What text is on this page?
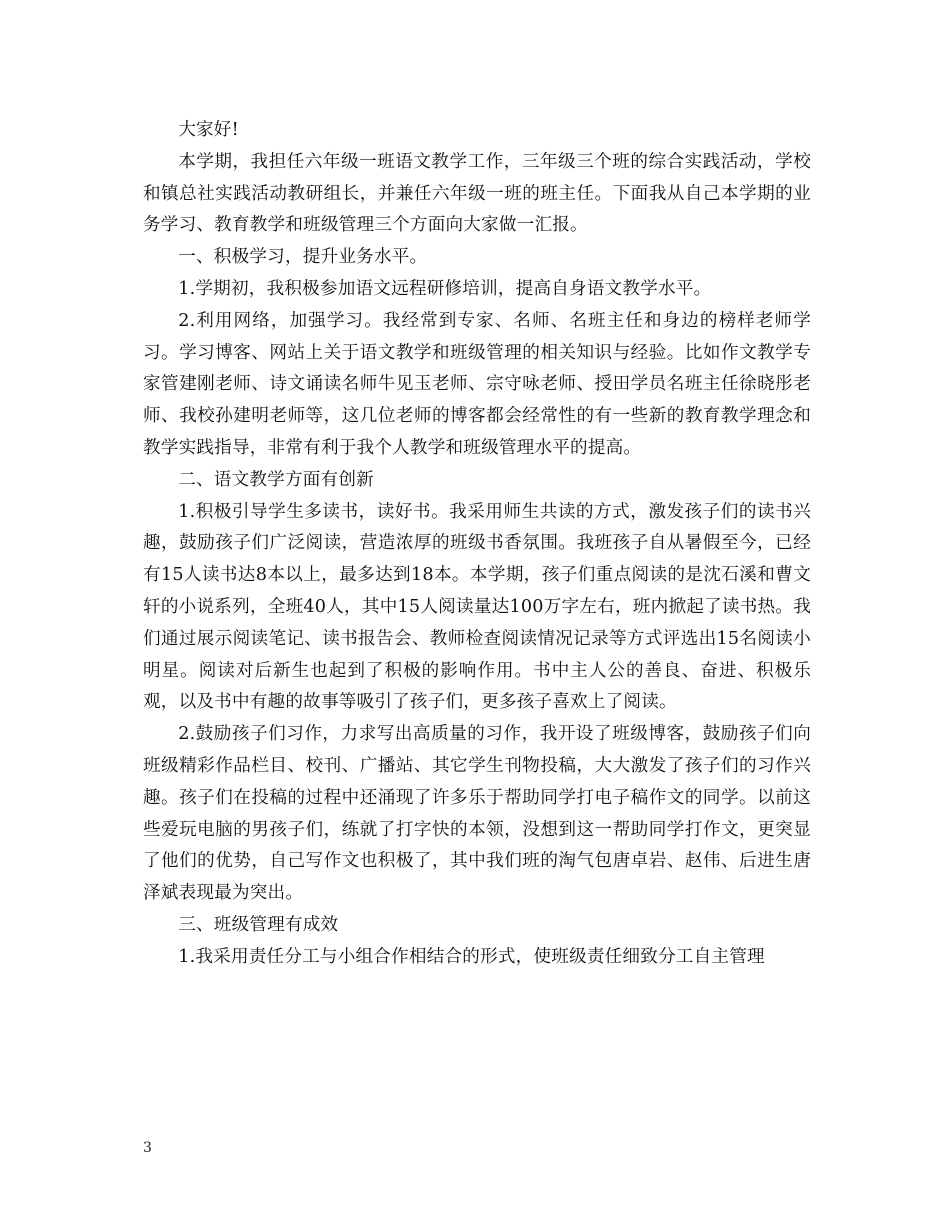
大家好!

本学期，我担任六年级一班语文教学工作，三年级三个班的综合实践活动，学校和镇总社实践活动教研组长，并兼任六年级一班的班主任。下面我从自己本学期的业务学习、教育教学和班级管理三个方面向大家做一汇报。

一、积极学习，提升业务水平。

1.学期初，我积极参加语文远程研修培训，提高自身语文教学水平。

2.利用网络，加强学习。我经常到专家、名师、名班主任和身边的榜样老师学习。学习博客、网站上关于语文教学和班级管理的相关知识与经验。比如作文教学专家管建刚老师、诗文诵读名师牛见玉老师、宗守咏老师、授田学员名班主任徐晓彤老师、我校孙建明老师等，这几位老师的博客都会经常性的有一些新的教育教学理念和教学实践指导，非常有利于我个人教学和班级管理水平的提高。

二、语文教学方面有创新

1.积极引导学生多读书，读好书。我采用师生共读的方式，激发孩子们的读书兴趣，鼓励孩子们广泛阅读，营造浓厚的班级书香氛围。我班孩子自从暑假至今，已经有15人读书达8本以上，最多达到18本。本学期，孩子们重点阅读的是沈石溪和曹文轩的小说系列，全班40人，其中15人阅读量达100万字左右，班内掀起了读书热。我们通过展示阅读笔记、读书报告会、教师检查阅读情况记录等方式评选出15名阅读小明星。阅读对后新生也起到了积极的影响作用。书中主人公的善良、奋进、积极乐观，以及书中有趣的故事等吸引了孩子们，更多孩子喜欢上了阅读。

2.鼓励孩子们习作，力求写出高质量的习作，我开设了班级博客，鼓励孩子们向班级精彩作品栏目、校刊、广播站、其它学生刊物投稿，大大激发了孩子们的习作兴趣。孩子们在投稿的过程中还涌现了许多乐于帮助同学打电子稿作文的同学。以前这些爱玩电脑的男孩子们，练就了打字快的本领，没想到这一帮助同学打作文，更突显了他们的优势，自己写作文也积极了，其中我们班的淘气包唐卓岩、赵伟、后进生唐泽斌表现最为突出。

三、班级管理有成效

1.我采用责任分工与小组合作相结合的形式，使班级责任细致分工自主管理

3
